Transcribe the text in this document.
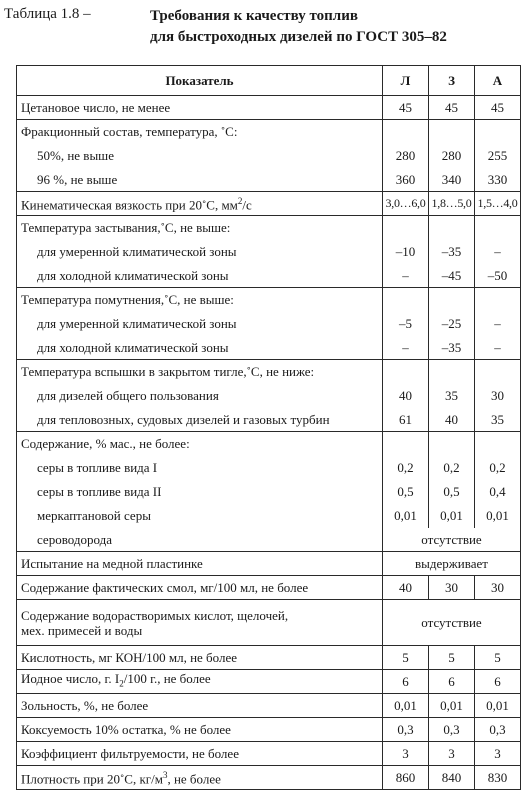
Таблица 1.8 –	Требования к качеству топлив
для быстроходных дизелей по ГОСТ 305–82
Показатель	Л	З	А
Цетановое число, не менее	45	45	45
Фракционный состав, температура, ˚С:			
50%, не выше	280	280	255
96 %, не выше	360	340	330
Кинематическая вязкость при 20˚С, $мм^2/с$	3,0…6,0	1,8…5,0	1,5…4,0
Температура застывания,˚С, не выше:			
для умеренной климатической зоны	–10	–35	–
для холодной климатической зоны	–	–45	–50
Температура помутнения,˚С, не выше:			
для умеренной климатической зоны	–5	–25	–
для холодной климатической зоны	–	–35	–
Температура вспышки в закрытом тигле,˚С, не ниже:			
для дизелей общего пользования	40	35	30
для тепловозных, судовых дизелей и газовых турбин	61	40	35
Содержание, % мас., не более:			
серы в топливе вида I	0,2	0,2	0,2
серы в топливе вида II	0,5	0,5	0,4
меркаптановой серы	0,01	0,01	0,01
сероводорода	отсутствие		
Испытание на медной пластинке	выдерживает		
Содержание фактических смол, мг/100 мл, не более	40	30	30

Содержание водорастворимых кислот, щелочей,
мех. примесей и воды	отсутствие		
Кислотность, мг КОН/100 мл, не более	5	5	5
Иодное число, г. $I_2/100$ г., не более	6	6	6
Зольность, %, не более	0,01	0,01	0,01
Коксуемость 10% остатка, % не более	0,3	0,3	0,3
Коэффициент фильтруемости, не более	3	3	3
Плотность при 20˚С, $кг/м^3$, не более	860	840	830
